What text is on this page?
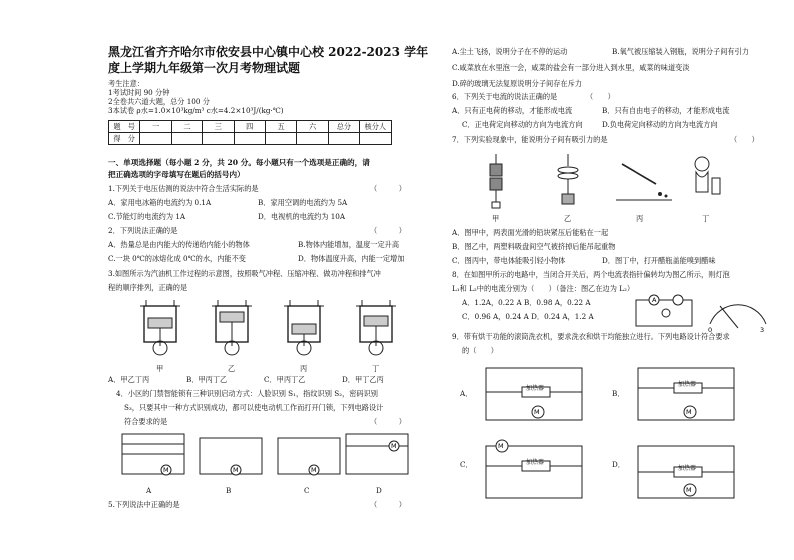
黑龙江省齐齐哈尔市依安县中心镇中心校 2022-2023 学年
度上学期九年级第一次月考物理试题
考生注意：
1考试时间 90 分钟
2全卷共六道大题，总分 100 分
3本试卷 ρ水=1.0×10³kg/m³ c水=4.2×10³J/(kg·℃)
题　号	一	二	三	四	五	六	总分	核分人
得　分								
一、单项选择题（每小题 2 分，共 20 分。每小题只有一个选项是正确的，请
把正确选项的字母填写在题后的括号内）
1.下列关于电压估测的说法中符合生活实际的是	（　　　）
A．家用电冰箱的电流约为 0.1A	B．家用空调的电流约为 5A
C.节能灯的电流约为 1A	D．电视机的电流约为 10A
2．下列说法正确的是	（　　　）
A．热量总是由内能大的传递给内能小的物体	B.物体内能增加，温度一定升高
C.一块 0℃的冰熔化成 0℃的水，内能不变	D．物体温度升高，内能一定增加
3.如图所示为汽油机工作过程的示意图，按照吸气冲程、压缩冲程、做功冲程和排气冲
程的顺序排列，正确的是
甲	乙	丙	丁
A．甲乙丁丙	B．甲丙丁乙	C．甲丙丁乙	D．甲丁乙丙
4．小区的门禁智能锁有三种识别启动方式：人脸识别 S₁，指纹识别 S₂，密码识别
S₃，只要其中一种方式识别成功，都可以使电动机工作而打开门锁，下列电路设计
符合要求的是	（　　　）
M	M	M
M
A	B	C	D
5.下列说法中正确的是	（　　　）
A.尘土飞扬，说明分子在不停的运动	B.氧气被压缩装入钢瓶，说明分子间有引力
C.咸菜放在水里泡一会，咸菜的盐会有一部分进入到水里，咸菜的味道变淡
D.碎的玻璃无法复原说明分子间存在斥力
6．下列关于电流的说法正确的是	（　　）
A．只有正电荷的移动，才能形成电流	B．只有自由电子的移动，才能形成电流
C．正电荷定向移动的方向为电流方向	D.负电荷定向移动的方向为电流方向
7．下列实验现象中，能说明分子间有吸引力的是	（　　）
甲	乙	丙	丁
A．图甲中，两表面光滑的铅块紧压后能粘在一起
B．图乙中，两塑料吸盘间空气被挤掉后能吊起重物
C．图丙中，带电体能吸引轻小物体	D．图丁中，打开醋瓶盖能嗅到醋味
8．在如图甲所示的电路中，当闭合开关后，两个电流表指针偏转均为图乙所示，则灯泡
L₁和 L₂中的电流分别为（　　）（备注：图乙在边为 L₂）
A．1.2A，0.22 A B．0.98 A，0.22 A
C．0.96 A，0.24 A D．0.24 A，1.2 A
A
0	3
9．带有烘干功能的滚筒洗衣机，要求洗衣和烘干均能独立进行。下列电路设计符合要求
的（　　）
A．	B．
C．	D．
M	M
M
M
加热器
加热器
加热器
加热器
